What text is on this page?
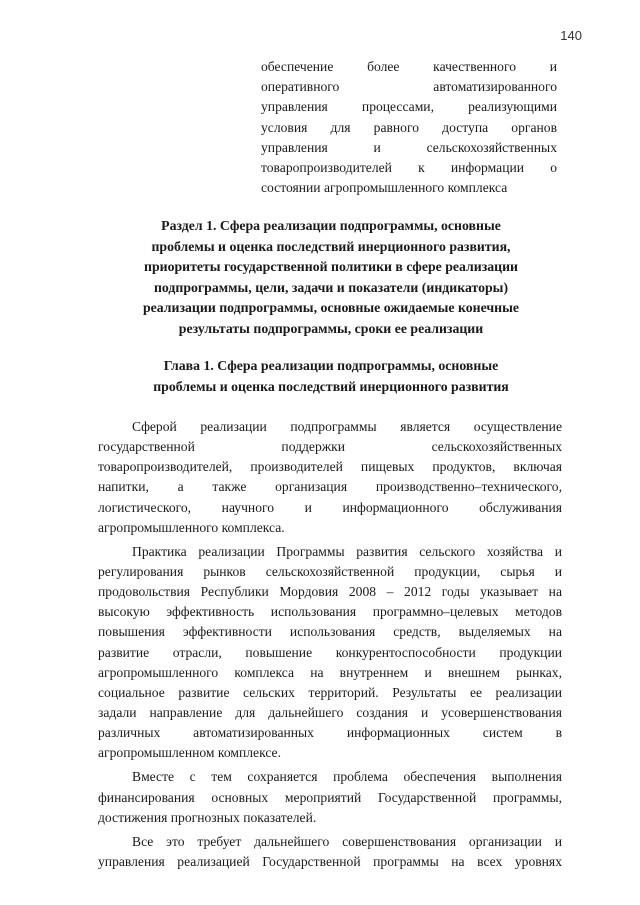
140
обеспечение более качественного и
оперативного автоматизированного
управления процессами, реализующими
условия для равного доступа органов
управления и сельскохозяйственных
товаропроизводителей к информации о
состоянии агропромышленного комплекса
Раздел 1. Сфера реализации подпрограммы, основные
проблемы и оценка последствий инерционного развития,
приоритеты государственной политики в сфере реализации
подпрограммы, цели, задачи и показатели (индикаторы)
реализации подпрограммы, основные ожидаемые конечные
результаты подпрограммы, сроки ее реализации
Глава 1. Сфера реализации подпрограммы, основные
проблемы и оценка последствий инерционного развития
Сферой реализации подпрограммы является осуществление
государственной поддержки сельскохозяйственных
товаропроизводителей, производителей пищевых продуктов, включая
напитки, а также организация производственно–технического,
логистического, научного и информационного обслуживания
агропромышленного комплекса.
Практика реализации Программы развития сельского хозяйства и
регулирования рынков сельскохозяйственной продукции, сырья и
продовольствия Республики Мордовия 2008 – 2012 годы указывает на
высокую эффективность использования программно–целевых методов
повышения эффективности использования средств, выделяемых на
развитие отрасли, повышение конкурентоспособности продукции
агропромышленного комплекса на внутреннем и внешнем рынках,
социальное развитие сельских территорий. Результаты ее реализации
задали направление для дальнейшего создания и усовершенствования
различных автоматизированных информационных систем в
агропромышленном комплексе.
Вместе с тем сохраняется проблема обеспечения выполнения
финансирования основных мероприятий Государственной программы,
достижения прогнозных показателей.
Все это требует дальнейшего совершенствования организации и
управления реализацией Государственной программы на всех уровнях
